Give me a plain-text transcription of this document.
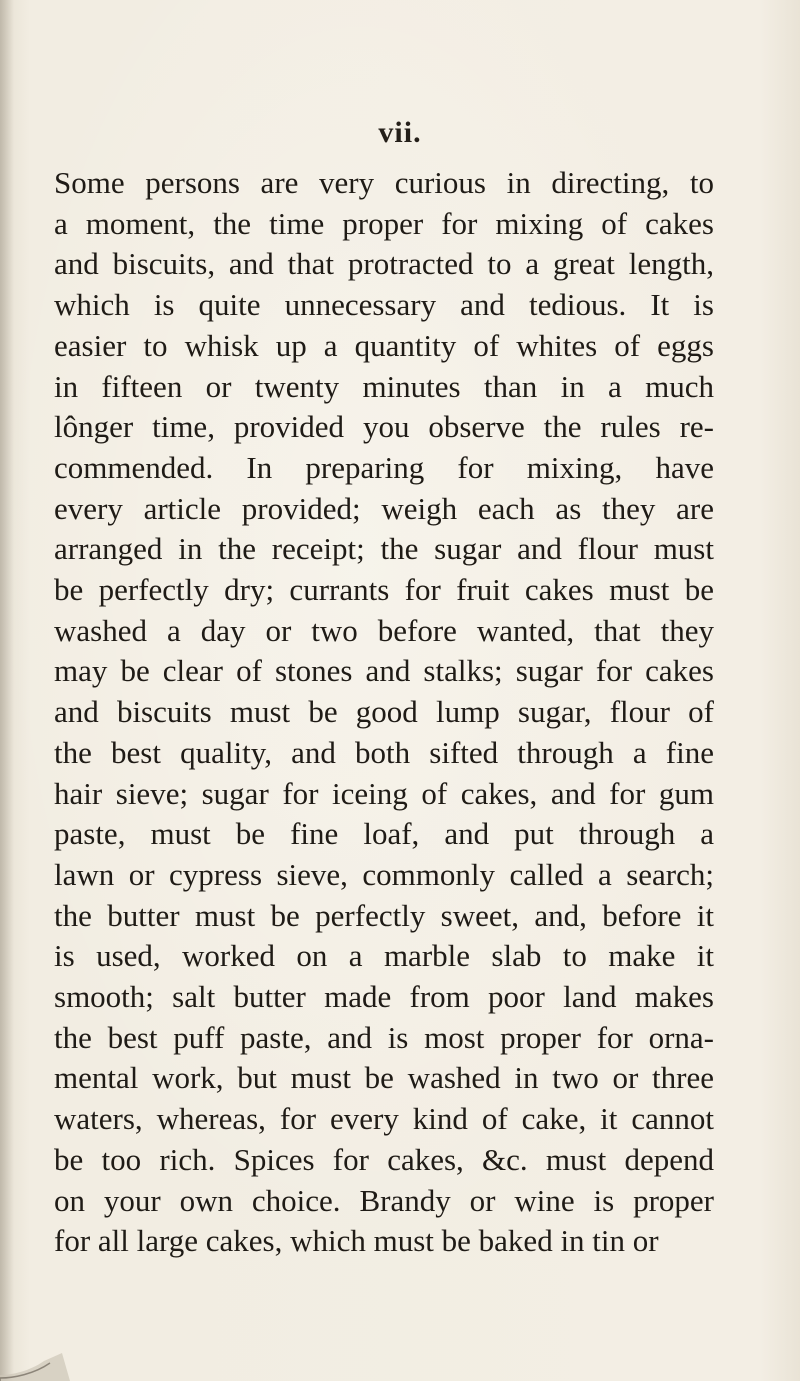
vii.
Some persons are very curious in directing, to
a moment, the time proper for mixing of cakes
and biscuits, and that protracted to a great length,
which is quite unnecessary and tedious. It is
easier to whisk up a quantity of whites of eggs
in fifteen or twenty minutes than in a much
lônger time, provided you observe the rules re-
commended. In preparing for mixing, have
every article provided; weigh each as they are
arranged in the receipt; the sugar and flour must
be perfectly dry; currants for fruit cakes must be
washed a day or two before wanted, that they
may be clear of stones and stalks; sugar for cakes
and biscuits must be good lump sugar, flour of
the best quality, and both sifted through a fine
hair sieve; sugar for iceing of cakes, and for gum
paste, must be fine loaf, and put through a
lawn or cypress sieve, commonly called a search;
the butter must be perfectly sweet, and, before it
is used, worked on a marble slab to make it
smooth; salt butter made from poor land makes
the best puff paste, and is most proper for orna-
mental work, but must be washed in two or three
waters, whereas, for every kind of cake, it cannot
be too rich. Spices for cakes, &c. must depend
on your own choice. Brandy or wine is proper
for all large cakes, which must be baked in tin or
